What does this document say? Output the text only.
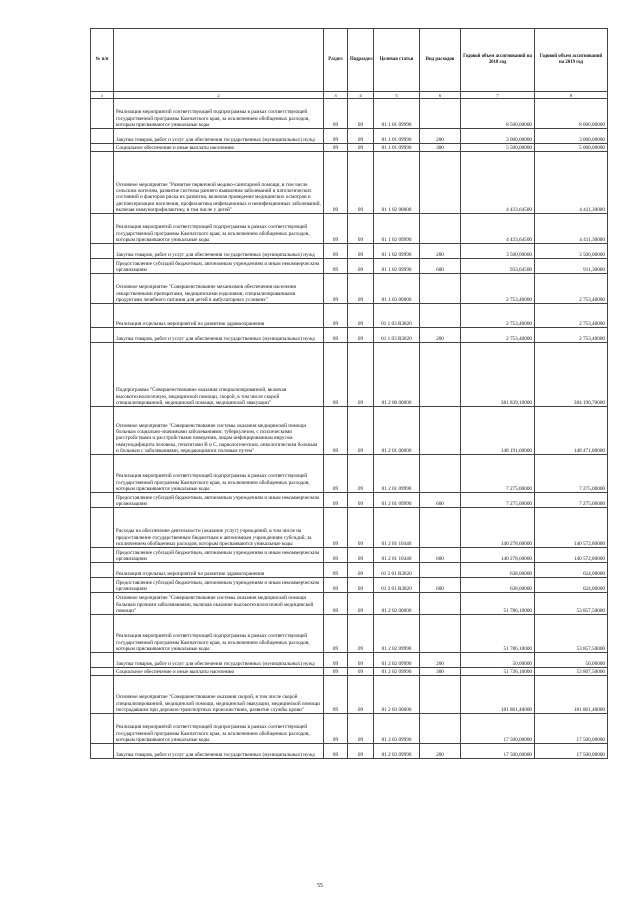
№ п/п		Раздел	Подраздел	Целевая статья	Вид расходов	Годовой объем ассигнований на 2018 год	Годовой объем ассигнований на 2019 год
1	2	3	4	5	6	7	8
	Реализация мероприятий соответствующей подпрограммы в рамках соответствующей государственной программы Камчатского края, за исключением обобщенных расходов, которым присваиваются уникальные коды	09	09	01 1 01 09990		8 500,00000	8 000,00000
	Закупка товаров, работ и услуг для обеспечения государственных (муниципальных) нужд	09	09	01 1 01 09990	200	3 000,00000	3 000,00000
	Социальное обеспечение и иные выплаты населению	09	09	01 1 01 09990	300	5 500,00000	5 000,00000
	Основное мероприятие "Развитие первичной медико-санитарной помощи, в том числе сельским жителям, развитие системы раннего выявления заболеваний и патологических состояний и факторов риска их развития, включая проведение медицинских осмотров и диспансеризации населения, профилактика инфекционных и неинфекционных заболеваний, включая иммунопрофилактику, в том числе у детей"	09	09	01 1 02 00000		4 433,64500	4 411,30000
	Реализация мероприятий соответствующей подпрограммы в рамках соответствующей государственной программы Камчатского края, за исключением обобщенных расходов, которым присваиваются уникальные коды	09	09	01 1 02 09990		4 433,64500	4 411,30000
	Закупка товаров, работ и услуг для обеспечения государственных (муниципальных) нужд	09	09	01 1 02 09990	200	3 500,00000	3 500,00000
	Предоставление субсидий бюджетным, автономным учреждениям и иным некоммерческим организациям	09	09	01 1 02 09990	600	933,64500	911,30000
	Основное мероприятие "Совершенствование механизмов обеспечения населения лекарственными препаратами, медицинскими изделиями, специализированными продуктами лечебного питания для детей в амбулаторных условиях"	09	09	01 1 03 00000		2 753,40000	2 753,40000
	Реализация отдельных мероприятий по развитию здравоохранения	09	09	01 1 03 R3820		2 753,40000	2 753,40000
	Закупка товаров, работ и услуг для обеспечения государственных (муниципальных) нужд	09	09	01 1 03 R3820	200	2 753,40000	2 753,40000
	Подпрограмма "Совершенствование оказания специализированной, включая высокотехнологичную, медицинской помощи, скорой, в том числе скорой специализированной, медицинской помощи, медицинской эвакуации"	09	09	01 2 00 00000		381 839,10000	384 190,70000
	Основное мероприятие "Совершенствование системы оказания медицинской помощи больным социально-значимыми заболеваниями: туберкулезом, с психическими расстройствами и расстройствами поведения, лицам инфицированным вирусом иммунодефицита человека, гепатитами В и С, наркологическим, онкологическим больным и больным с заболеваниями, передающимися половым путем"	09	09	01 2 01 00000		148 191,60000	148 471,80000
	Реализация мероприятий соответствующей подпрограммы в рамках соответствующей государственной программы Камчатского края, за исключением обобщенных расходов, которым присваиваются уникальные коды	09	09	01 2 01 09990		7 275,00000	7 275,00000
	Предоставление субсидий бюджетным, автономным учреждениям и иным некоммерческим организациям	09	09	01 2 01 09990	600	7 275,00000	7 275,00000
	Расходы на обеспечение деятельности (оказание услуг) учреждений, в том числе на предоставление государственным бюджетным и автономным учреждениям субсидий, за исключением обобщенных расходов, которым присваиваются уникальные коды	09	09	01 2 01 10440		140 278,60000	140 572,80000
	Предоставление субсидий бюджетным, автономным учреждениям и иным некоммерческим организациям	09	09	01 2 01 10440	600	140 278,60000	140 572,80000
	Реализация отдельных мероприятий по развитию здравоохранения	09	09	01 2 01 R3820		638,00000	624,00000
	Предоставление субсидий бюджетным, автономным учреждениям и иным некоммерческим организациям	09	09	01 2 01 R3820	600	638,00000	624,00000
	Основное мероприятие "Совершенствование системы оказания медицинской помощи больным прочими заболеваниями, включая оказание высокотехнологичной медицинской помощи"	09	09	01 2 02 00000		51 786,10000	53 857,50000
	Реализация мероприятий соответствующей подпрограммы в рамках соответствующей государственной программы Камчатского края, за исключением обобщенных расходов, которым присваиваются уникальные коды	09	09	01 2 02 09990		51 786,10000	53 857,50000
	Закупка товаров, работ и услуг для обеспечения государственных (муниципальных) нужд	09	09	01 2 02 09990	200	50,00000	50,00000
	Социальное обеспечение и иные выплаты населению	09	09	01 2 02 09990	300	51 736,10000	53 807,50000
	Основное мероприятие "Совершенствование оказания скорой, в том числе скорой специализированной, медицинской помощи, медицинской эвакуации, медицинской помощи пострадавшим при дорожно-транспортных происшествиях, развитие службы крови"	09	09	01 2 03 00000		181 861,40000	181 861,40000
	Реализация мероприятий соответствующей подпрограммы в рамках соответствующей государственной программы Камчатского края, за исключением обобщенных расходов, которым присваиваются уникальные коды	09	09	01 2 03 09990		17 500,00000	17 500,00000
	Закупка товаров, работ и услуг для обеспечения государственных (муниципальных) нужд	09	09	01 2 03 09990	200	17 500,00000	17 500,00000
55
